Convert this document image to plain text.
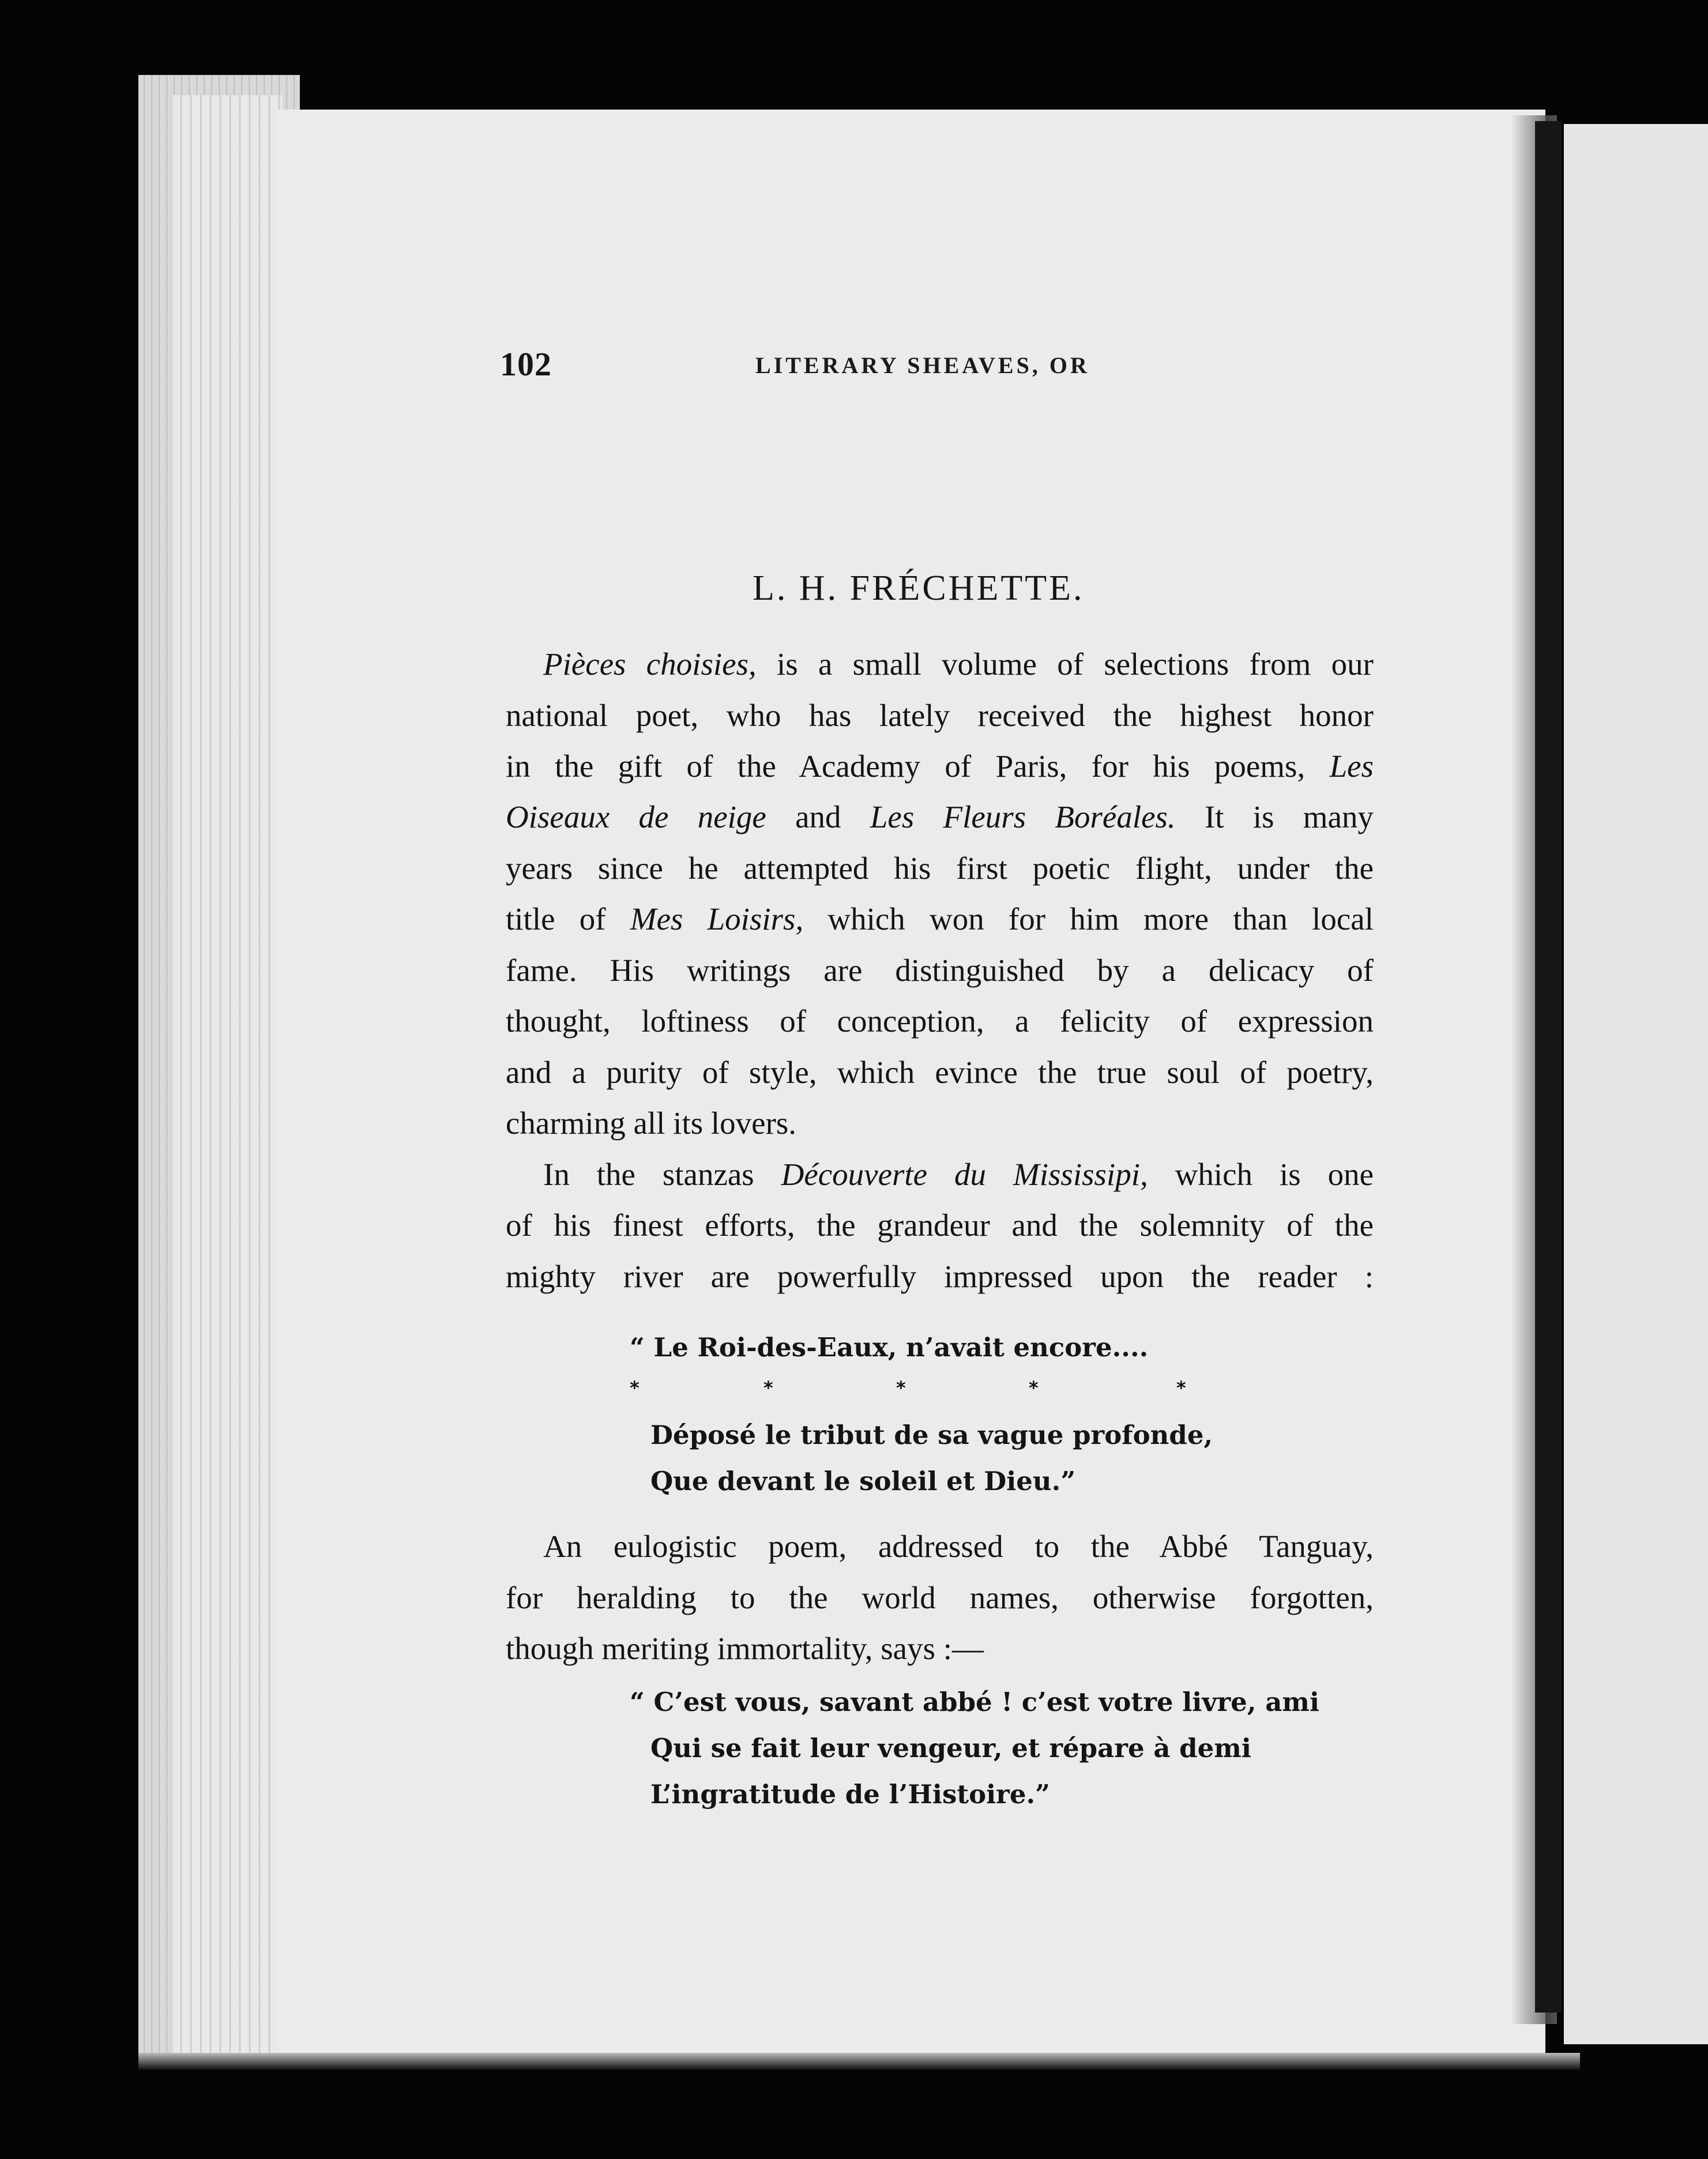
102	LITERARY SHEAVES, OR
L. H. FRÉCHETTE.
Pièces choisies, is a small volume of selections from our
national poet, who has lately received the highest honor
in the gift of the Academy of Paris, for his poems, Les
Oiseaux de neige and Les Fleurs Boréales. It is many
years since he attempted his first poetic flight, under the
title of Mes Loisirs, which won for him more than local
fame. His writings are distinguished by a delicacy of
thought, loftiness of conception, a felicity of expression
and a purity of style, which evince the true soul of poetry,
charming all its lovers.
In the stanzas Découverte du Mississipi, which is one
of his finest efforts, the grandeur and the solemnity of the
mighty river are powerfully impressed upon the reader :
“ Le Roi-des-Eaux, n’avait encore....
*	*	*	*	*
Déposé le tribut de sa vague profonde,
Que devant le soleil et Dieu.”
An eulogistic poem, addressed to the Abbé Tanguay,
for heralding to the world names, otherwise forgotten,
though meriting immortality, says :—
“ C’est vous, savant abbé ! c’est votre livre, ami
Qui se fait leur vengeur, et répare à demi
L’ingratitude de l’Histoire.”
